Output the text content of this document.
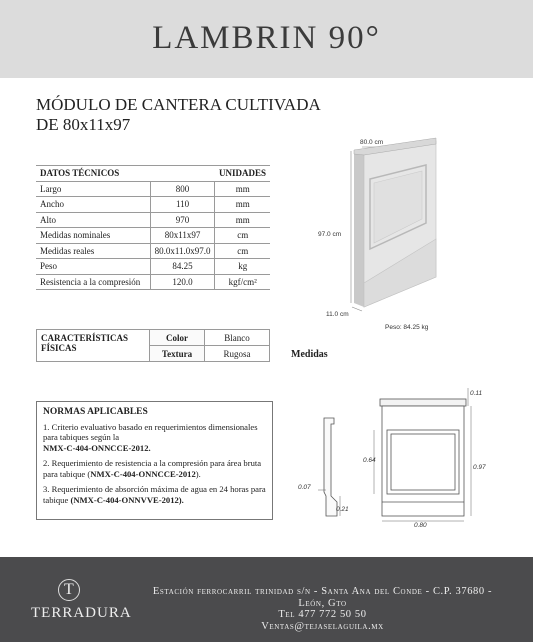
LAMBRIN 90°
MÓDULO DE CANTERA CULTIVADA
DE 80x11x97
DATOS TÉCNICOS		UNIDADES
Largo	800	mm
Ancho	110	mm
Alto	970	mm
Medidas nominales	80x11x97	cm
Medidas reales	80.0x11.0x97.0	cm
Peso	84.25	kg
Resistencia a la compresión	120.0	kgf/cm²
CARACTERÍSTICAS
FÍSICAS	Color	Blanco
	Textura	Rugosa	Medidas
NORMAS APLICABLES

1. Criterio evaluativo basado en requerimientos dimensionales para tabiques según la
NMX-C-404-ONNCCE-2012.

2. Requerimiento de resistencia a la compresión para área bruta para tabique (NMX-C-404-ONNCCE-2012).

3. Requerimiento de absorción máxima de agua en 24 horas para tabique (NMX-C-404-ONNVVE-2012).

80.0 cm
97.0 cm
11.0 cm
Peso: 84.25 kg
0.11
0.64
0.97
0.07
0.21
0.80
T
TERRADURA
Estación ferrocarril trinidad s/n - Santa Ana del Conde - C.P. 37680 - León, Gto
Tel 477 772 50 50
Ventas@tejaselaguila.mx
